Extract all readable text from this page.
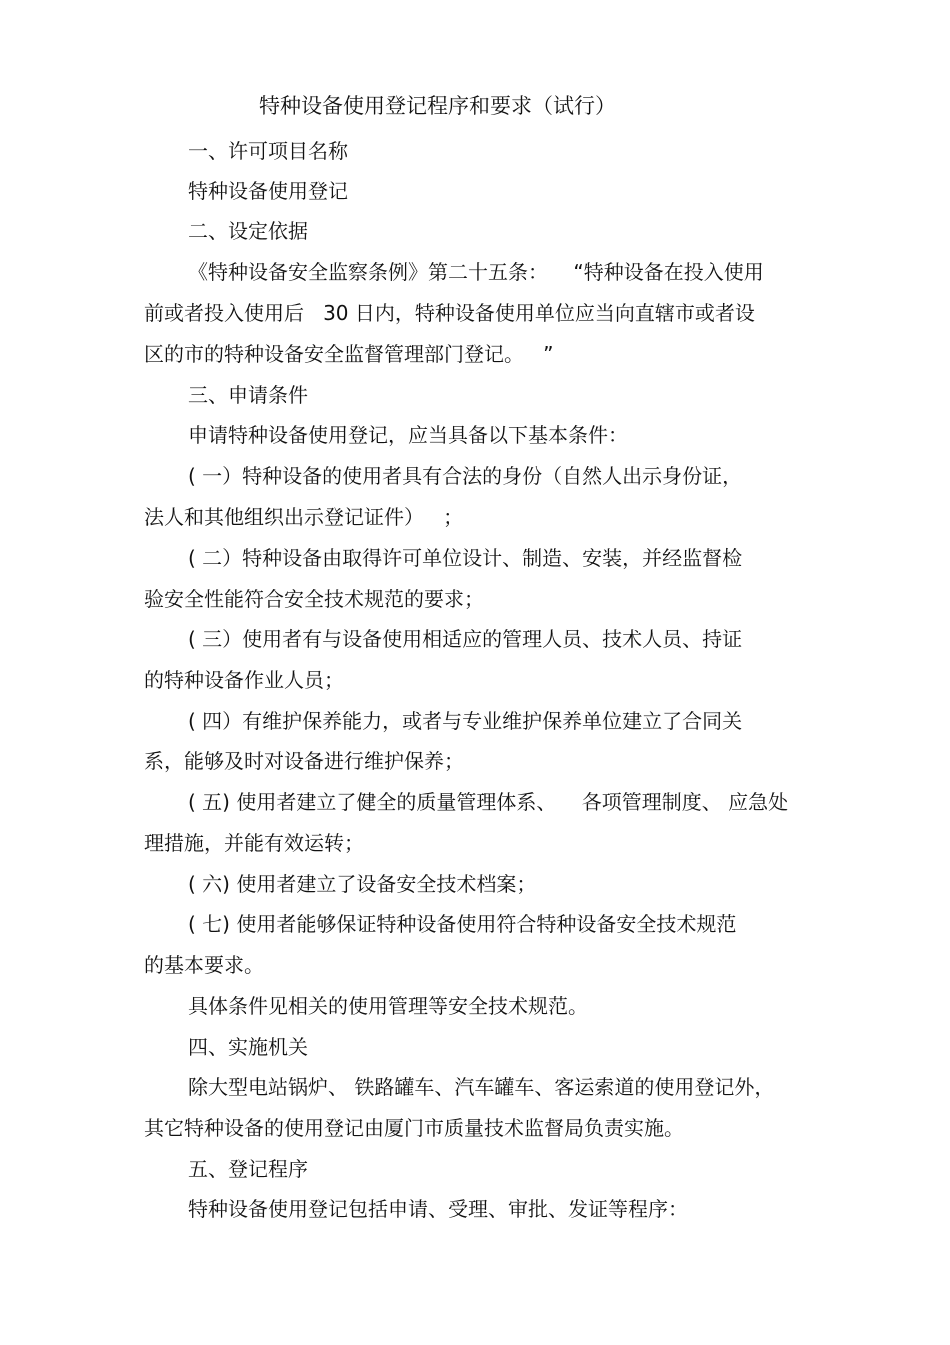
特种设备使用登记程序和要求（试行）
一、许可项目名称
特种设备使用登记
二、设定依据
《特种设备安全监察条例》第二十五条：    “特种设备在投入使用
前或者投入使用后   30 日内，特种设备使用单位应当向直辖市或者设
区的市的特种设备安全监督管理部门登记。   ”
三、申请条件
申请特种设备使用登记，应当具备以下基本条件：
( 一）特种设备的使用者具有合法的身份（自然人出示身份证，
法人和其他组织出示登记证件）   ；
( 二）特种设备由取得许可单位设计、制造、安装，并经监督检
验安全性能符合安全技术规范的要求；
( 三）使用者有与设备使用相适应的管理人员、技术人员、持证
的特种设备作业人员；
( 四）有维护保养能力，或者与专业维护保养单位建立了合同关
系，能够及时对设备进行维护保养；
( 五) 使用者建立了健全的质量管理体系、    各项管理制度、 应急处
理措施，并能有效运转；
( 六) 使用者建立了设备安全技术档案；
( 七) 使用者能够保证特种设备使用符合特种设备安全技术规范
的基本要求。
具体条件见相关的使用管理等安全技术规范。
四、实施机关
除大型电站锅炉、 铁路罐车、汽车罐车、客运索道的使用登记外，
其它特种设备的使用登记由厦门市质量技术监督局负责实施。
五、登记程序
特种设备使用登记包括申请、受理、审批、发证等程序：
